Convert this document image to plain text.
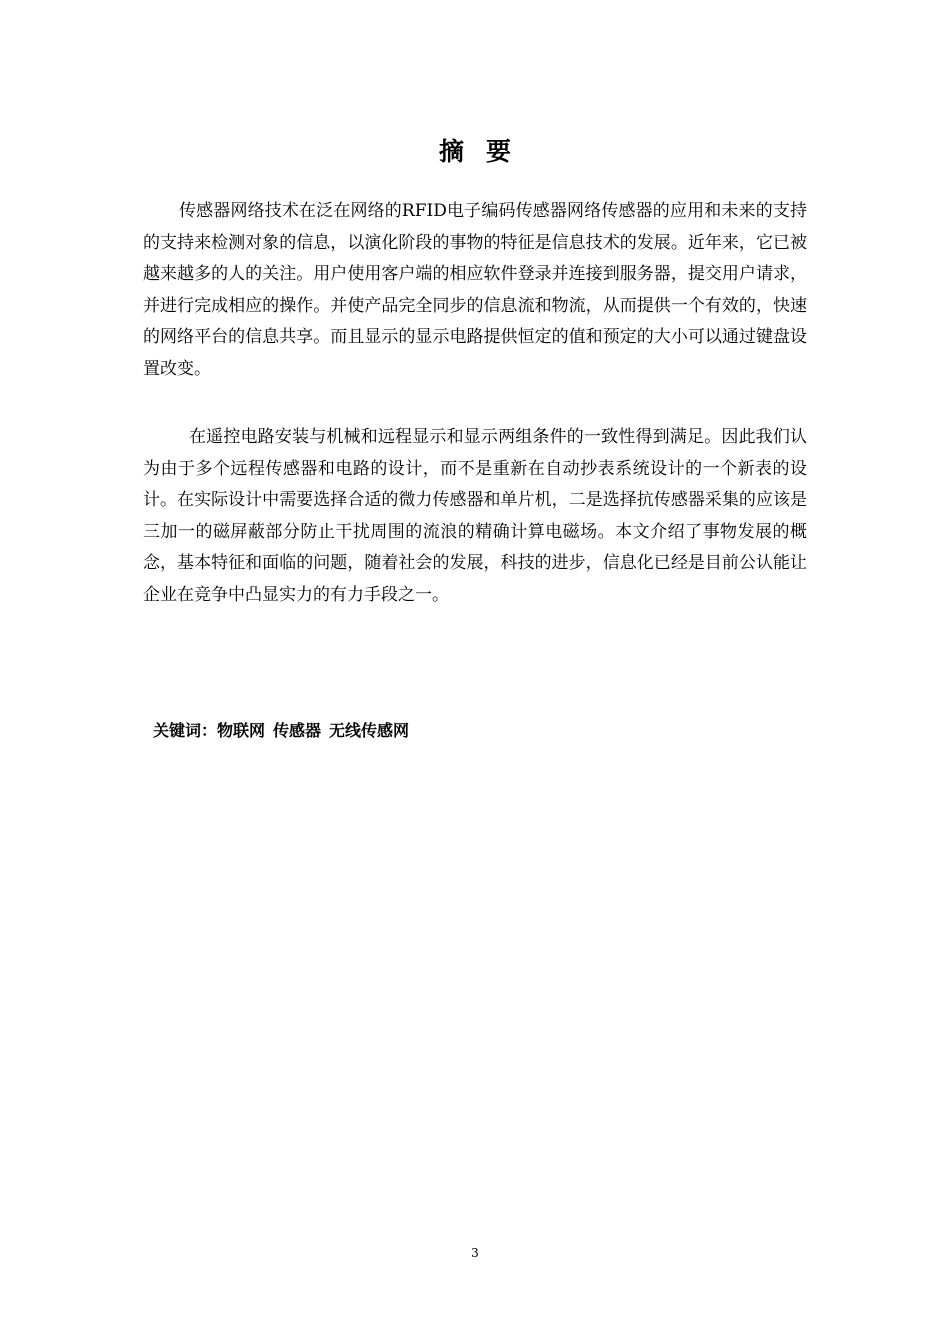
摘要

传感器网络技术在泛在网络的RFID电子编码传感器网络传感器的应用和未来的支持的支持来检测对象的信息，以演化阶段的事物的特征是信息技术的发展。近年来，它已被越来越多的人的关注。用户使用客户端的相应软件登录并连接到服务器，提交用户请求，并进行完成相应的操作。并使产品完全同步的信息流和物流，从而提供一个有效的，快速的网络平台的信息共享。而且显示的显示电路提供恒定的值和预定的大小可以通过键盘设置改变。

在遥控电路安装与机械和远程显示和显示两组条件的一致性得到满足。因此我们认为由于多个远程传感器和电路的设计，而不是重新在自动抄表系统设计的一个新表的设计。在实际设计中需要选择合适的微力传感器和单片机，二是选择抗传感器采集的应该是三加一的磁屏蔽部分防止干扰周围的流浪的精确计算电磁场。本文介绍了事物发展的概念，基本特征和面临的问题，随着社会的发展，科技的进步，信息化已经是目前公认能让企业在竞争中凸显实力的有力手段之一。

关键词：物联网 传感器 无线传感网
3
